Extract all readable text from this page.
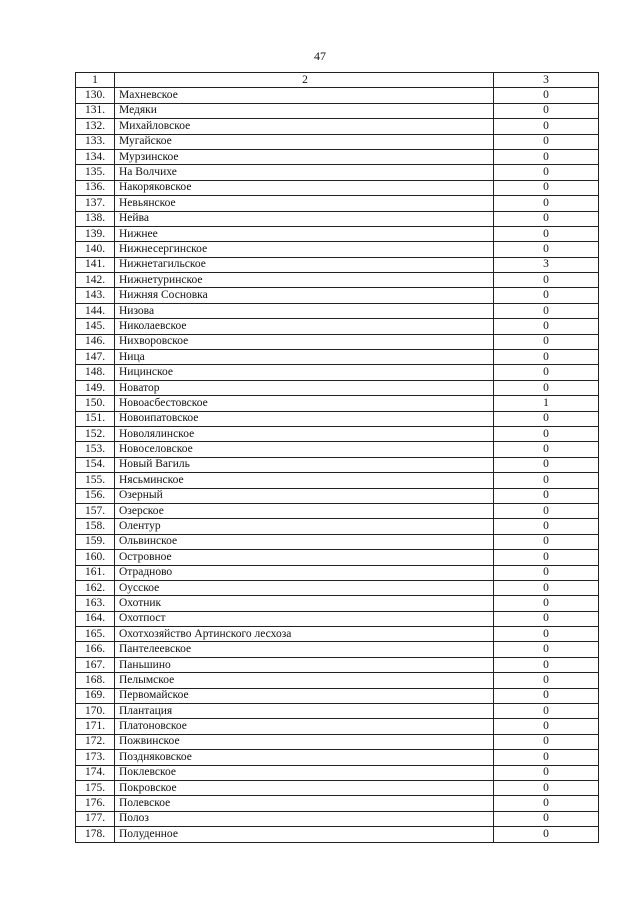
47
1	2	3
130.	Махневское	0
131.	Медяки	0
132.	Михайловское	0
133.	Мугайское	0
134.	Мурзинское	0
135.	На Волчихе	0
136.	Накоряковское	0
137.	Невьянское	0
138.	Нейва	0
139.	Нижнее	0
140.	Нижнесергинское	0
141.	Нижнетагильское	3
142.	Нижнетуринское	0
143.	Нижняя Сосновка	0
144.	Низова	0
145.	Николаевское	0
146.	Нихворовское	0
147.	Ница	0
148.	Ницинское	0
149.	Новатор	0
150.	Новоасбестовское	1
151.	Новоипатовское	0
152.	Новолялинское	0
153.	Новоселовское	0
154.	Новый Вагиль	0
155.	Нясьминское	0
156.	Озерный	0
157.	Озерское	0
158.	Олентур	0
159.	Ольвинское	0
160.	Островное	0
161.	Отрадново	0
162.	Оусское	0
163.	Охотник	0
164.	Охотпост	0
165.	Охотхозяйство Артинского лесхоза	0
166.	Пантелеевское	0
167.	Паньшино	0
168.	Пелымское	0
169.	Первомайское	0
170.	Плантация	0
171.	Платоновское	0
172.	Пожвинское	0
173.	Поздняковское	0
174.	Поклевское	0
175.	Покровское	0
176.	Полевское	0
177.	Полоз	0
178.	Полуденное	0
